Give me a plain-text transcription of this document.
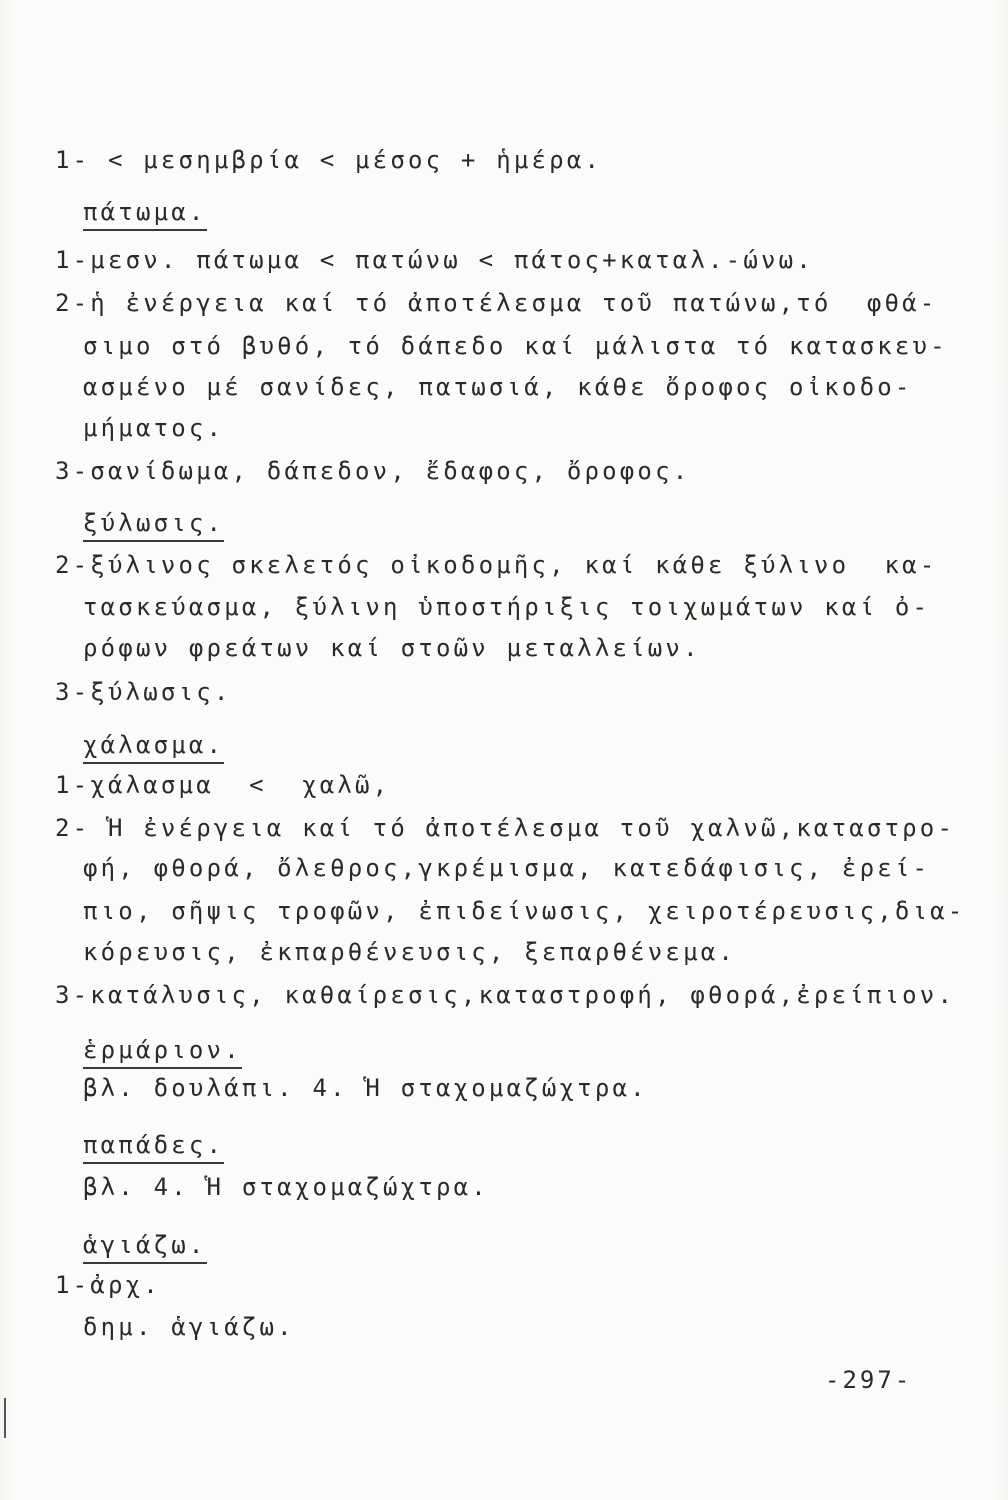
1- < μεσημβρία < μέσος + ἡμέρα.
πάτωμα.
1-μεσν. πάτωμα < πατώνω < πάτος+καταλ.-ώνω.
2-ἡ ἐνέργεια καί τό ἀποτέλεσμα τοῦ πατώνω,τό  φθά-
σιμο στό βυθό, τό δάπεδο καί μάλιστα τό κατασκευ-
ασμένο μέ σανίδες, πατωσιά, κάθε ὄροφος οἰκοδο-
μήματος.
3-σανίδωμα, δάπεδον, ἔδαφος, ὄροφος.
ξύλωσις.
2-ξύλινος σκελετός οἰκοδομῆς, καί κάθε ξύλινο  κα-
τασκεύασμα, ξύλινη ὑποστήριξις τοιχωμάτων καί ὀ-
ρόφων φρεάτων καί στοῶν μεταλλείων.
3-ξύλωσις.
χάλασμα.
1-χάλασμα  <  χαλῶ,
2- Ἡ ἐνέργεια καί τό ἀποτέλεσμα τοῦ χαλνῶ,καταστρο-
φή, φθορά, ὄλεθρος,γκρέμισμα, κατεδάφισις, ἐρεί-
πιο, σῆψις τροφῶν, ἐπιδείνωσις, χειροτέρευσις,δια-
κόρευσις, ἐκπαρθένευσις, ξεπαρθένεμα.
3-κατάλυσις, καθαίρεσις,καταστροφή, φθορά,ἐρείπιον.
ἑρμάριον.
βλ. δουλάπι. 4. Ἡ σταχομαζώχτρα.
παπάδες.
βλ. 4. Ἡ σταχομαζώχτρα.
ἁγιάζω.
1-ἀρχ.
δημ. ἁγιάζω.
-297-
